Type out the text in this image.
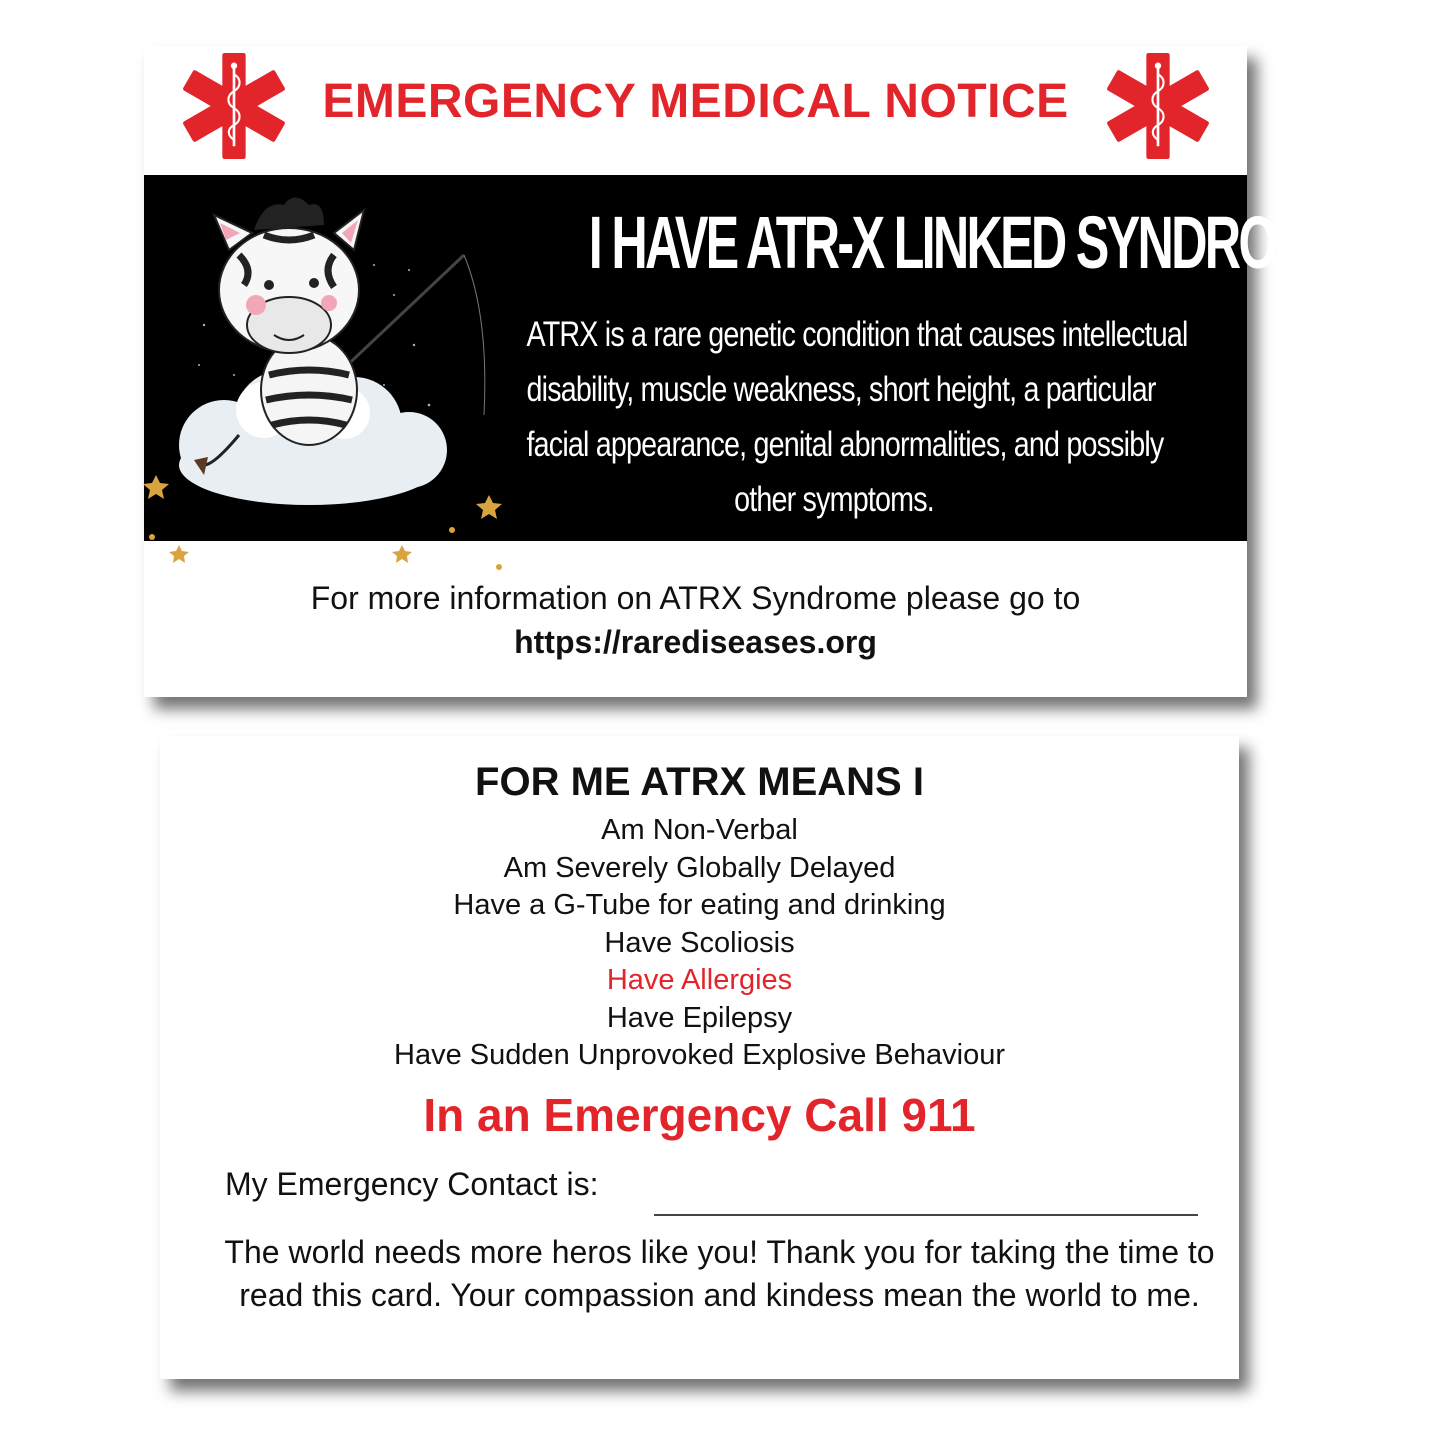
EMERGENCY MEDICAL NOTICE
I HAVE ATR-X LINKED SYNDROME
ATRX is a rare genetic condition that causes intellectual
disability, muscle weakness, short height, a particular
facial appearance, genital abnormalities, and possibly
other symptoms.
For more information on ATRX Syndrome please go to
https://rarediseases.org
FOR ME ATRX MEANS I
Am Non-Verbal
Am Severely Globally Delayed
Have a G-Tube for eating and drinking
Have Scoliosis
Have Allergies
Have Epilepsy
Have Sudden Unprovoked Explosive Behaviour
In an Emergency Call 911
My Emergency Contact is:
The world needs more heros like you! Thank you for taking the time to read this card. Your compassion and kindess mean the world to me.
